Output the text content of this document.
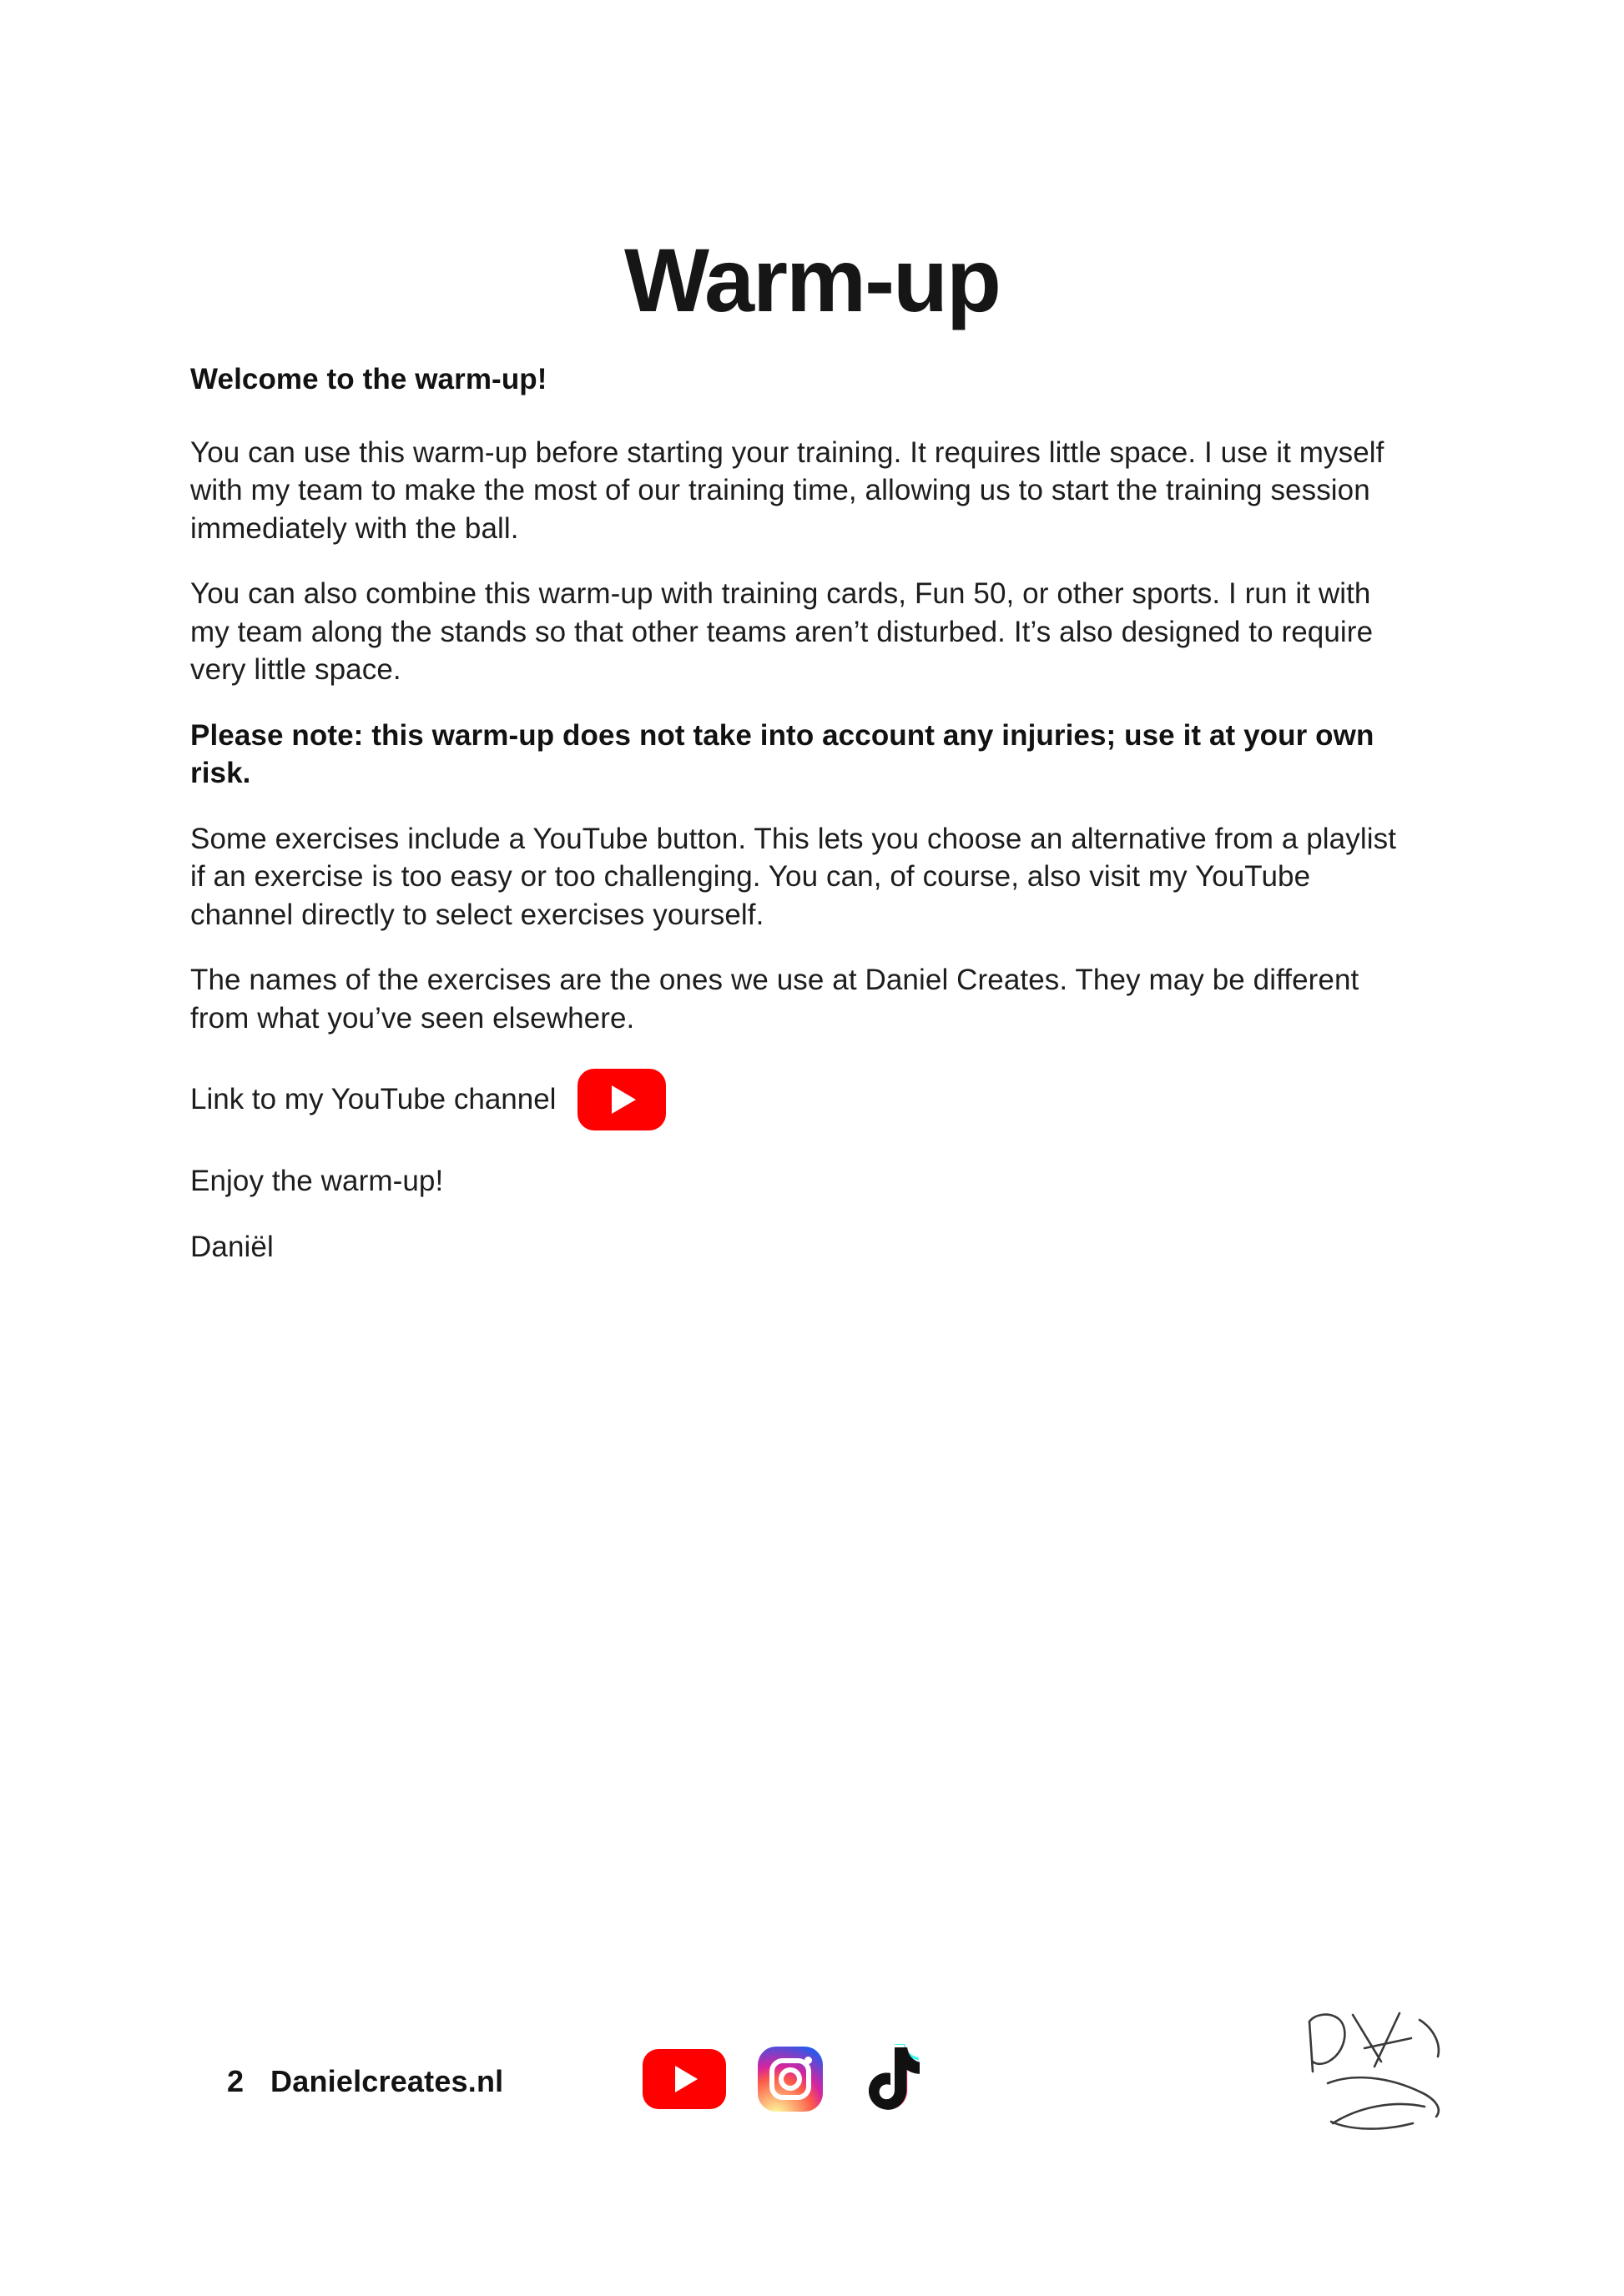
Warm-up

Welcome to the warm-up!

You can use this warm-up before starting your training. It requires little space. I use it myself with my team to make the most of our training time, allowing us to start the training session immediately with the ball.

You can also combine this warm-up with training cards, Fun 50, or other sports. I run it with my team along the stands so that other teams aren’t disturbed. It’s also designed to require very little space.

Please note: this warm-up does not take into account any injuries; use it at your own risk.

Some exercises include a YouTube button. This lets you choose an alternative from a playlist if an exercise is too easy or too challenging. You can, of course, also visit my YouTube channel directly to select exercises yourself.

The names of the exercises are the ones we use at Daniel Creates. They may be different from what you’ve seen elsewhere.

Link to my YouTube channel

Enjoy the warm-up!

Daniël

2 Danielcreates.nl
